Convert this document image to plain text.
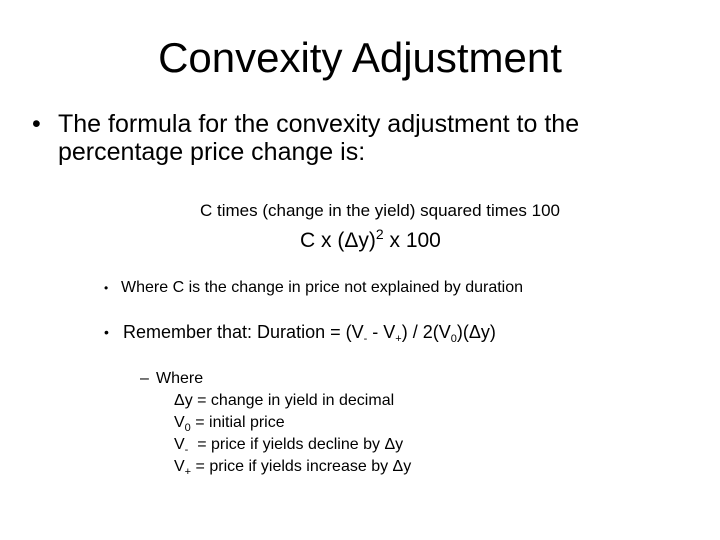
Convexity Adjustment
• The formula for the convexity adjustment to the percentage price change is:
C times (change in the yield) squared times 100
C x $(\Delta y)^2$ x 100
• Where C is the change in price not explained by duration
• Remember that: Duration = $(V_- - V_+) / 2(V_0)(\Delta y)$
– Where
Δy = change in yield in decimal
$V_0$ = initial price
$V_-$  = price if yields decline by Δy
$V_+$ = price if yields increase by Δy
